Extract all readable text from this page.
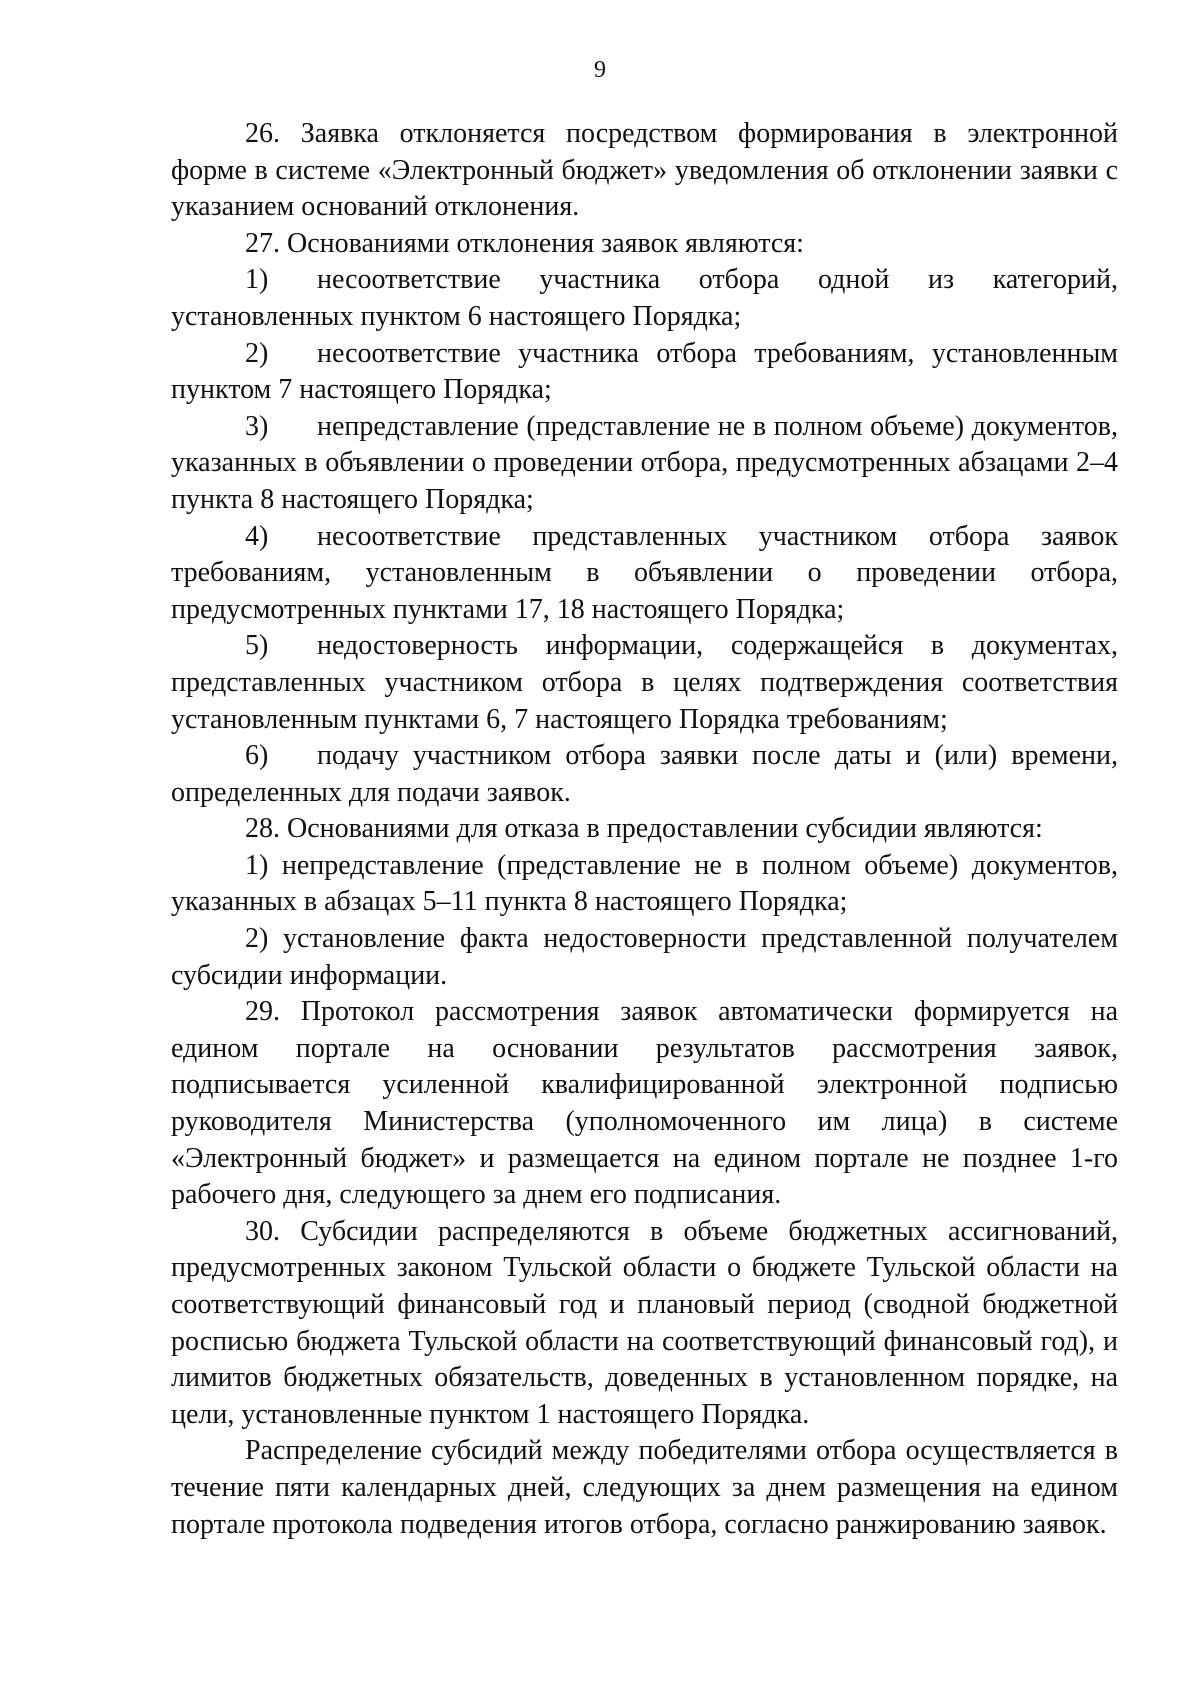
9

26. Заявка отклоняется посредством формирования в электронной форме в системе «Электронный бюджет» уведомления об отклонении заявки с указанием оснований отклонения.

27. Основаниями отклонения заявок являются:

1) несоответствие участника отбора одной из категорий, установленных пунктом 6 настоящего Порядка;

2) несоответствие участника отбора требованиям, установленным пунктом 7 настоящего Порядка;

3) непредставление (представление не в полном объеме) документов, указанных в объявлении о проведении отбора, предусмотренных абзацами 2–4 пункта 8 настоящего Порядка;

4) несоответствие представленных участником отбора заявок требованиям, установленным в объявлении о проведении отбора, предусмотренных пунктами 17, 18 настоящего Порядка;

5) недостоверность информации, содержащейся в документах, представленных участником отбора в целях подтверждения соответствия установленным пунктами 6, 7 настоящего Порядка требованиям;

6) подачу участником отбора заявки после даты и (или) времени, определенных для подачи заявок.

28. Основаниями для отказа в предоставлении субсидии являются:

1) непредставление (представление не в полном объеме) документов, указанных в абзацах 5–11 пункта 8 настоящего Порядка;

2) установление факта недостоверности представленной получателем субсидии информации.

29. Протокол рассмотрения заявок автоматически формируется на едином портале на основании результатов рассмотрения заявок, подписывается усиленной квалифицированной электронной подписью руководителя Министерства (уполномоченного им лица) в системе «Электронный бюджет» и размещается на едином портале не позднее 1-го рабочего дня, следующего за днем его подписания.

30. Субсидии распределяются в объеме бюджетных ассигнований, предусмотренных законом Тульской области о бюджете Тульской области на соответствующий финансовый год и плановый период (сводной бюджетной росписью бюджета Тульской области на соответствующий финансовый год), и лимитов бюджетных обязательств, доведенных в установленном порядке, на цели, установленные пунктом 1 настоящего Порядка.

Распределение субсидий между победителями отбора осуществляется в течение пяти календарных дней, следующих за днем размещения на едином портале протокола подведения итогов отбора, согласно ранжированию заявок.
